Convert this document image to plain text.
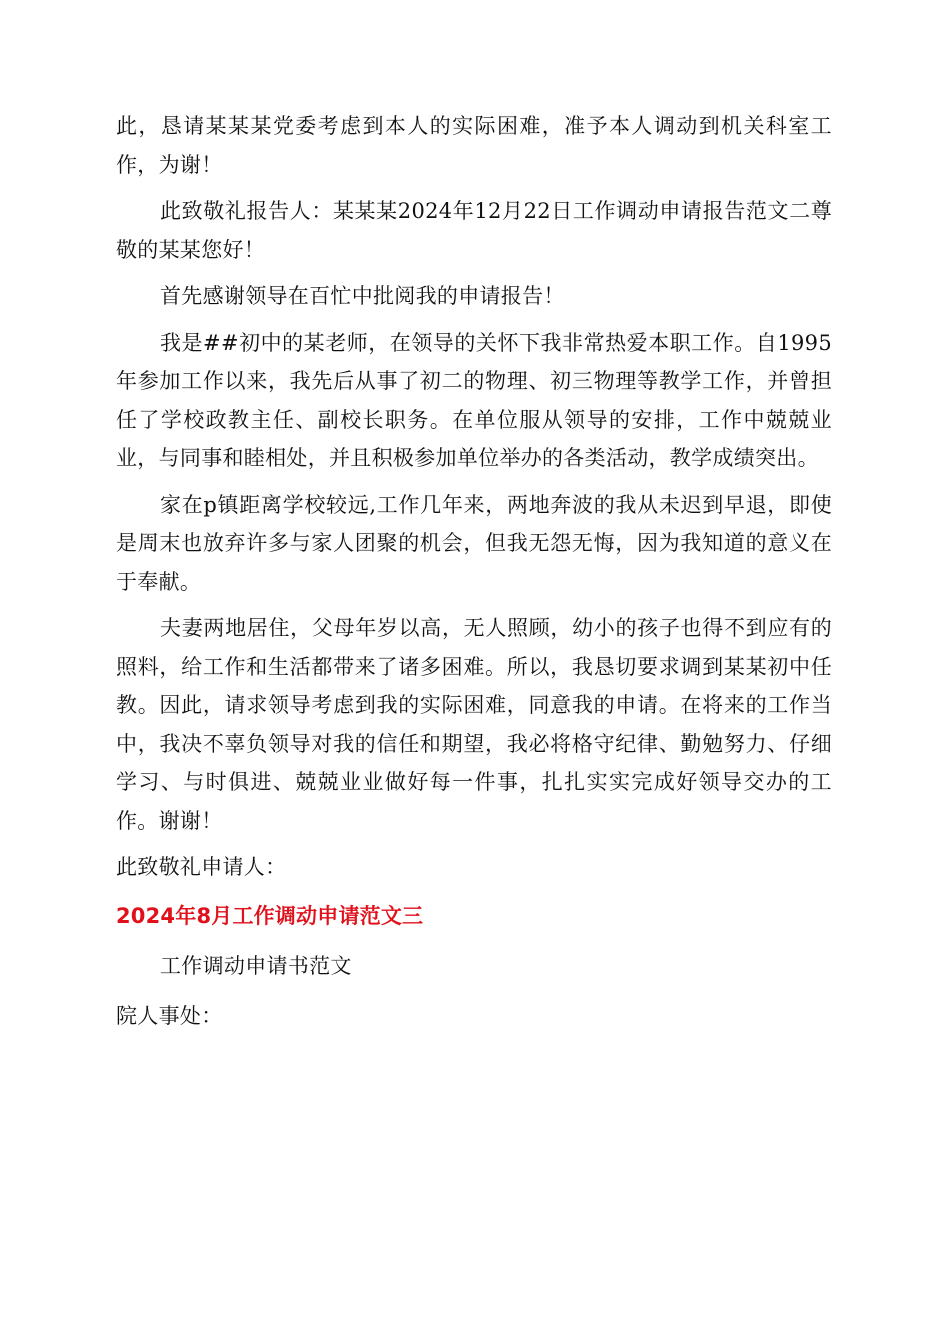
此，恳请某某某党委考虑到本人的实际困难，准予本人调动到机关科室工作，为谢！

此致敬礼报告人：某某某2024年12月22日工作调动申请报告范文二尊敬的某某您好！

首先感谢领导在百忙中批阅我的申请报告！

我是##初中的某老师，在领导的关怀下我非常热爱本职工作。自1995年参加工作以来，我先后从事了初二的物理、初三物理等教学工作，并曾担任了学校政教主任、副校长职务。在单位服从领导的安排，工作中兢兢业业，与同事和睦相处，并且积极参加单位举办的各类活动，教学成绩突出。

家在p镇距离学校较远,工作几年来，两地奔波的我从未迟到早退，即使是周末也放弃许多与家人团聚的机会，但我无怨无悔，因为我知道的意义在于奉献。

夫妻两地居住，父母年岁以高，无人照顾，幼小的孩子也得不到应有的照料，给工作和生活都带来了诸多困难。所以，我恳切要求调到某某初中任教。因此，请求领导考虑到我的实际困难，同意我的申请。在将来的工作当中，我决不辜负领导对我的信任和期望，我必将格守纪律、勤勉努力、仔细学习、与时俱进、兢兢业业做好每一件事，扎扎实实完成好领导交办的工作。谢谢！

此致敬礼申请人：

2024年8月工作调动申请范文三

工作调动申请书范文

院人事处：
